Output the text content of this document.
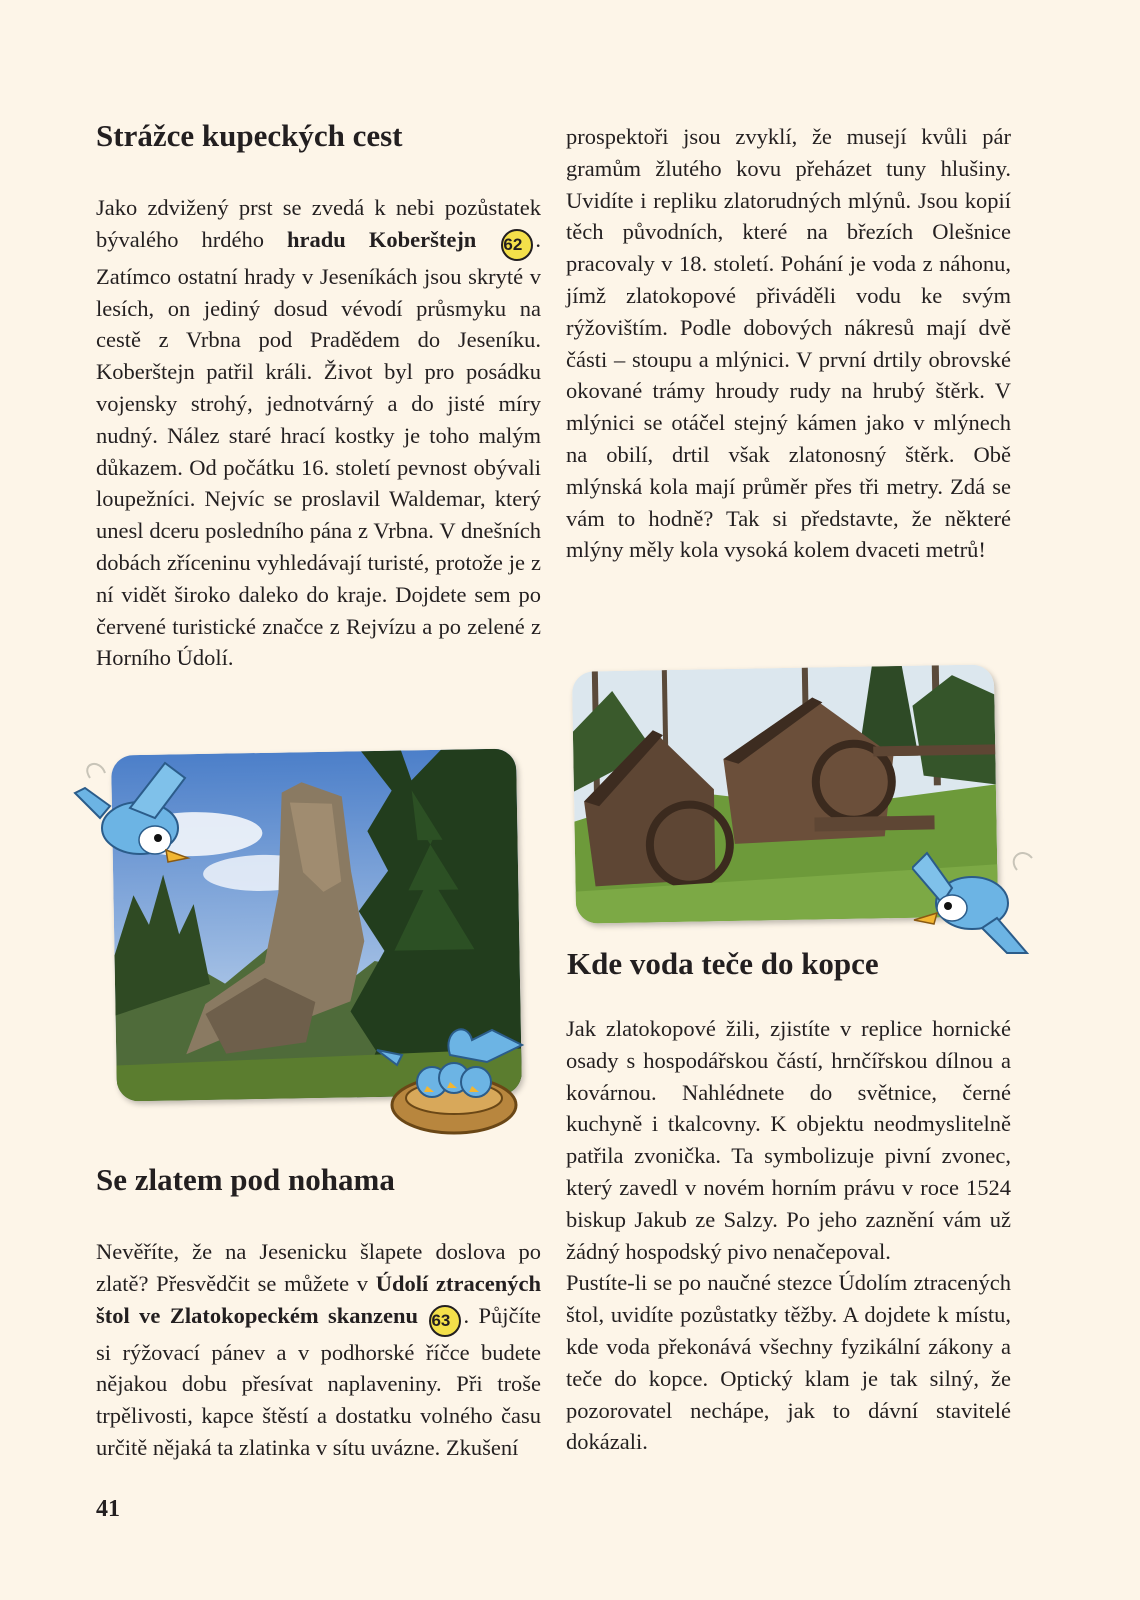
Strážce kupeckých cest

Jako zdvižený prst se zvedá k nebi pozůstatek bývalého hrdého hradu Koberštejn 62 . Zatímco ostatní hrady v Jeseníkách jsou skryté v lesích, on jediný dosud vévodí průsmyku na cestě z Vrbna pod Pradědem do Jeseníku. Koberštejn patřil králi. Život byl pro posádku vojensky strohý, jednotvárný a do jisté míry nudný. Nález staré hrací kostky je toho malým důkazem. Od počátku 16. století pevnost obývali loupežníci. Nejvíc se proslavil Waldemar, který unesl dceru posledního pána z Vrbna. V dnešních dobách zříceninu vyhledávají turisté, protože je z ní vidět široko daleko do kraje. Dojdete sem po červené turistické značce z Rejvízu a po zelené z Horního Údolí.

Se zlatem pod nohama

Nevěříte, že na Jesenicku šlapete doslova po zlatě? Přesvědčit se můžete v Údolí ztracených štol ve Zlatokopeckém skanzenu 63 . Půjčíte si rýžovací pánev a v podhorské říčce budete nějakou dobu přesívat naplaveniny. Při troše trpělivosti, kapce štěstí a dostatku volného času určitě nějaká ta zlatinka v sítu uvázne. Zkušení

41

prospektoři jsou zvyklí, že musejí kvůli pár gramům žlutého kovu přeházet tuny hlušiny. Uvidíte i repliku zlatorudných mlýnů. Jsou kopií těch původních, které na březích Olešnice pracovaly v 18. století. Pohání je voda z náhonu, jímž zlatokopové přiváděli vodu ke svým rýžovištím. Podle dobových nákresů mají dvě části – stoupu a mlýnici. V první drtily obrovské okované trámy hroudy rudy na hrubý štěrk. V mlýnici se otáčel stejný kámen jako v mlýnech na obilí, drtil však zlatonosný štěrk. Obě mlýnská kola mají průměr přes tři metry. Zdá se vám to hodně? Tak si představte, že některé mlýny měly kola vysoká kolem dvaceti metrů!

Kde voda teče do kopce

Jak zlatokopové žili, zjistíte v replice hornické osady s hospodářskou částí, hrnčířskou dílnou a kovárnou. Nahlédnete do světnice, černé kuchyně i tkalcovny. K objektu neodmyslitelně patřila zvonička. Ta symbolizuje pivní zvonec, který zavedl v novém horním právu v roce 1524 biskup Jakub ze Salzy. Po jeho zaznění vám už žádný hospodský pivo nenačepoval.

Pustíte-li se po naučné stezce Údolím ztracených štol, uvidíte pozůstatky těžby. A dojdete k místu, kde voda překonává všechny fyzikální zákony a teče do kopce. Optický klam je tak silný, že pozorovatel nechápe, jak to dávní stavitelé dokázali.
